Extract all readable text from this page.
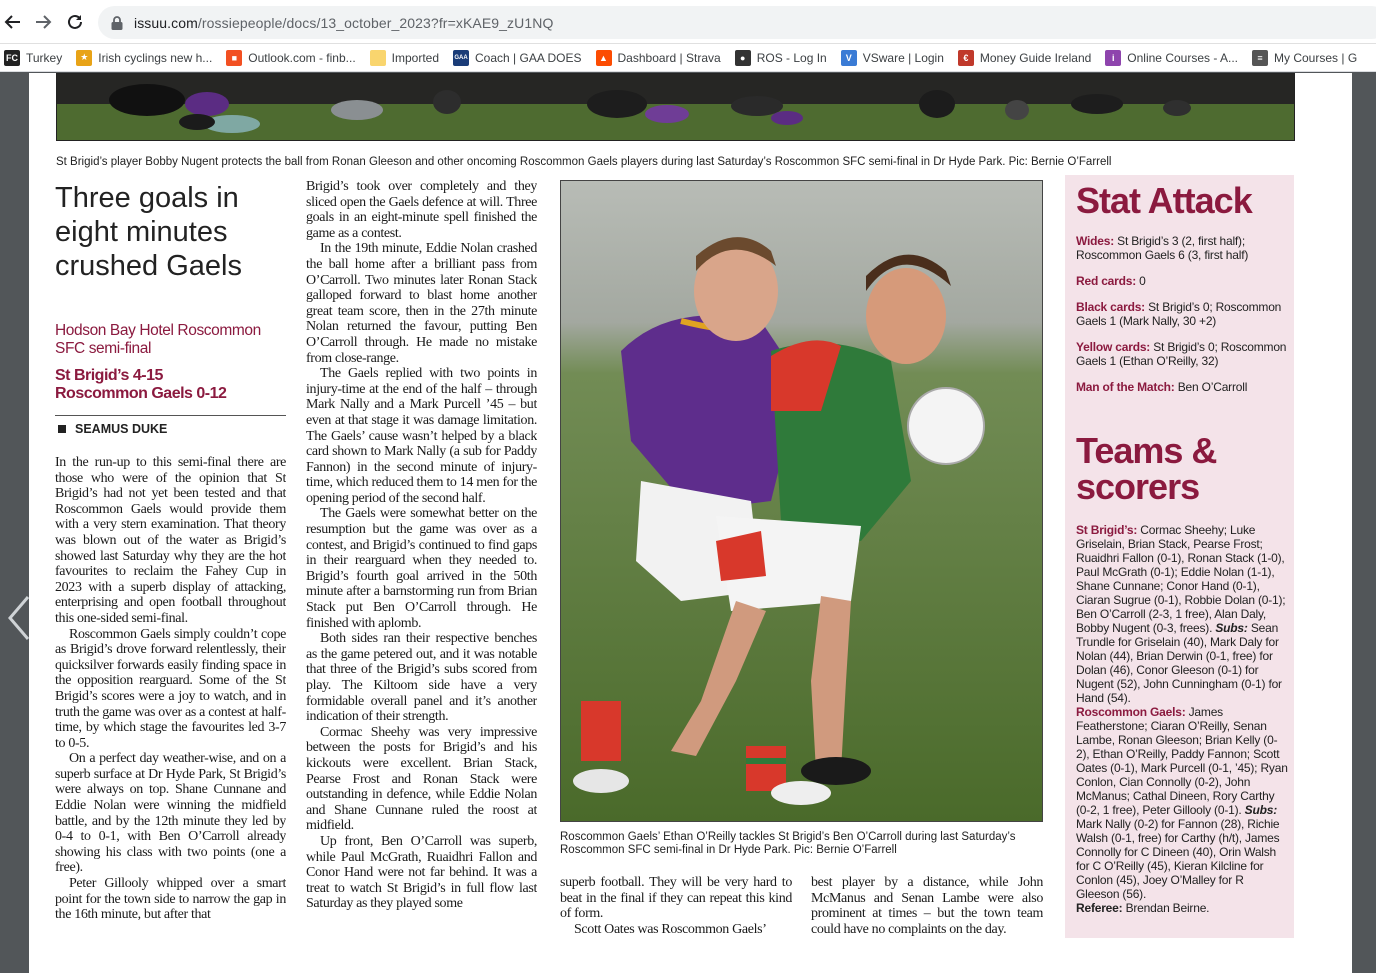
issuu.com/rossiepeople/docs/13_october_2023?fr=xKAE9_zU1NQ
FC Turkey	★ Irish cyclings new h...	■ Outlook.com - finb...	Imported	GAA Coach | GAA DOES	▲ Dashboard | Strava	● ROS - Log In	V VSware | Login	€ Money Guide Ireland	i	Online Courses - A...	≡ My Courses | G
St Brigid’s player Bobby Nugent protects the ball from Ronan Gleeson and other oncoming Roscommon Gaels players during last Saturday’s Roscommon SFC semi-final in Dr Hyde Park. Pic: Bernie O’Farrell
Three goals in eight minutes crushed Gaels
Hodson Bay Hotel Roscommon SFC semi-final
St Brigid’s 4-15
Roscommon Gaels 0-12
SEAMUS DUKE

In the run-up to this semi-final there are those who were of the opinion that St Brigid’s had not yet been tested and that Roscommon Gaels would provide them with a very stern examination. That theory was blown out of the water as Brigid’s showed last Saturday why they are the hot favourites to reclaim the Fahey Cup in 2023 with a superb display of attacking, enterprising and open football throughout this one-sided semi-final.

Roscommon Gaels simply couldn’t cope as Brigid’s drove forward relentlessly, their quicksilver forwards easily finding space in the opposition rearguard. Some of the St Brigid’s scores were a joy to watch, and in truth the game was over as a contest at half-time, by which stage the favourites led 3-7 to 0-5.

On a perfect day weather-wise, and on a superb surface at Dr Hyde Park, St Brigid’s were always on top. Shane Cunnane and Eddie Nolan were winning the midfield battle, and by the 12th minute they led by 0-4 to 0-1, with Ben O’Carroll already showing his class with two points (one a free).

Peter Gillooly whipped over a smart point for the town side to narrow the gap in the 16th minute, but after that

Brigid’s took over completely and they sliced open the Gaels defence at will. Three goals in an eight-minute spell finished the game as a contest.

In the 19th minute, Eddie Nolan crashed the ball home after a brilliant pass from O’Carroll. Two minutes later Ronan Stack galloped forward to blast home another great team score, then in the 27th minute Nolan returned the favour, putting Ben O’Carroll through. He made no mistake from close-range.

The Gaels replied with two points in injury-time at the end of the half – through Mark Nally and a Mark Purcell ’45 – but even at that stage it was damage limitation. The Gaels’ cause wasn’t helped by a black card shown to Mark Nally (a sub for Paddy Fannon) in the second minute of injury-time, which reduced them to 14 men for the opening period of the second half.

The Gaels were somewhat better on the resumption but the game was over as a contest, and Brigid’s continued to find gaps in their rearguard when they needed to. Brigid’s fourth goal arrived in the 50th minute after a barnstorming run from Brian Stack put Ben O’Carroll through. He finished with aplomb.

Both sides ran their respective benches as the game petered out, and it was notable that three of the Brigid’s subs scored from play. The Kiltoom side have a very formidable overall panel and it’s another indication of their strength.

Cormac Sheehy was very impressive between the posts for Brigid’s and his kickouts were excellent. Brian Stack, Pearse Frost and Ronan Stack were outstanding in defence, while Eddie Nolan and Shane Cunnane ruled the roost at midfield.

Up front, Ben O’Carroll was superb, while Paul McGrath, Ruaidhri Fallon and Conor Hand were not far behind. It was a treat to watch St Brigid’s in full flow last Saturday as they played some

Roscommon Gaels’ Ethan O’Reilly tackles St Brigid’s Ben O’Carroll during last Saturday’s Roscommon SFC semi-final in Dr Hyde Park. Pic: Bernie O’Farrell

superb football. They will be very hard to beat in the final if they can repeat this kind of form.

Scott Oates was Roscommon Gaels’

best player by a distance, while John McManus and Senan Lambe were also prominent at times – but the town team could have no complaints on the day.

Stat Attack
Wides: St Brigid’s 3 (2, first half); Roscommon Gaels 6 (3, first half)
Red cards: 0
Black cards: St Brigid’s 0; Roscommon Gaels 1 (Mark Nally, 30 +2)
Yellow cards: St Brigid’s 0; Roscommon Gaels 1 (Ethan O’Reilly, 32)
Man of the Match: Ben O’Carroll
Teams & scorers
St Brigid’s: Cormac Sheehy; Luke Griselain, Brian Stack, Pearse Frost; Ruaidhri Fallon (0-1), Ronan Stack (1-0), Paul McGrath (0-1); Eddie Nolan (1-1), Shane Cunnane; Conor Hand (0-1), Ciaran Sugrue (0-1), Robbie Dolan (0-1); Ben O’Carroll (2-3, 1 free), Alan Daly, Bobby Nugent (0-3, frees). Subs: Sean Trundle for Griselain (40), Mark Daly for Nolan (44), Brian Derwin (0-1, free) for Dolan (46), Conor Gleeson (0-1) for Nugent (52), John Cunningham (0-1) for Hand (54).
Roscommon Gaels: James Featherstone; Ciaran O’Reilly, Senan Lambe, Ronan Gleeson; Brian Kelly (0-2), Ethan O’Reilly, Paddy Fannon; Scott Oates (0-1), Mark Purcell (0-1, ’45); Ryan Conlon, Cian Connolly (0-2), John McManus; Cathal Dineen, Rory Carthy (0-2, 1 free), Peter Gillooly (0-1). Subs: Mark Nally (0-2) for Fannon (28), Richie Walsh (0-1, free) for Carthy (h/t), James Connolly for C Dineen (40), Orin Walsh for C O’Reilly (45), Kieran Kilcline for Conlon (45), Joey O’Malley for R Gleeson (56).
Referee: Brendan Beirne.
